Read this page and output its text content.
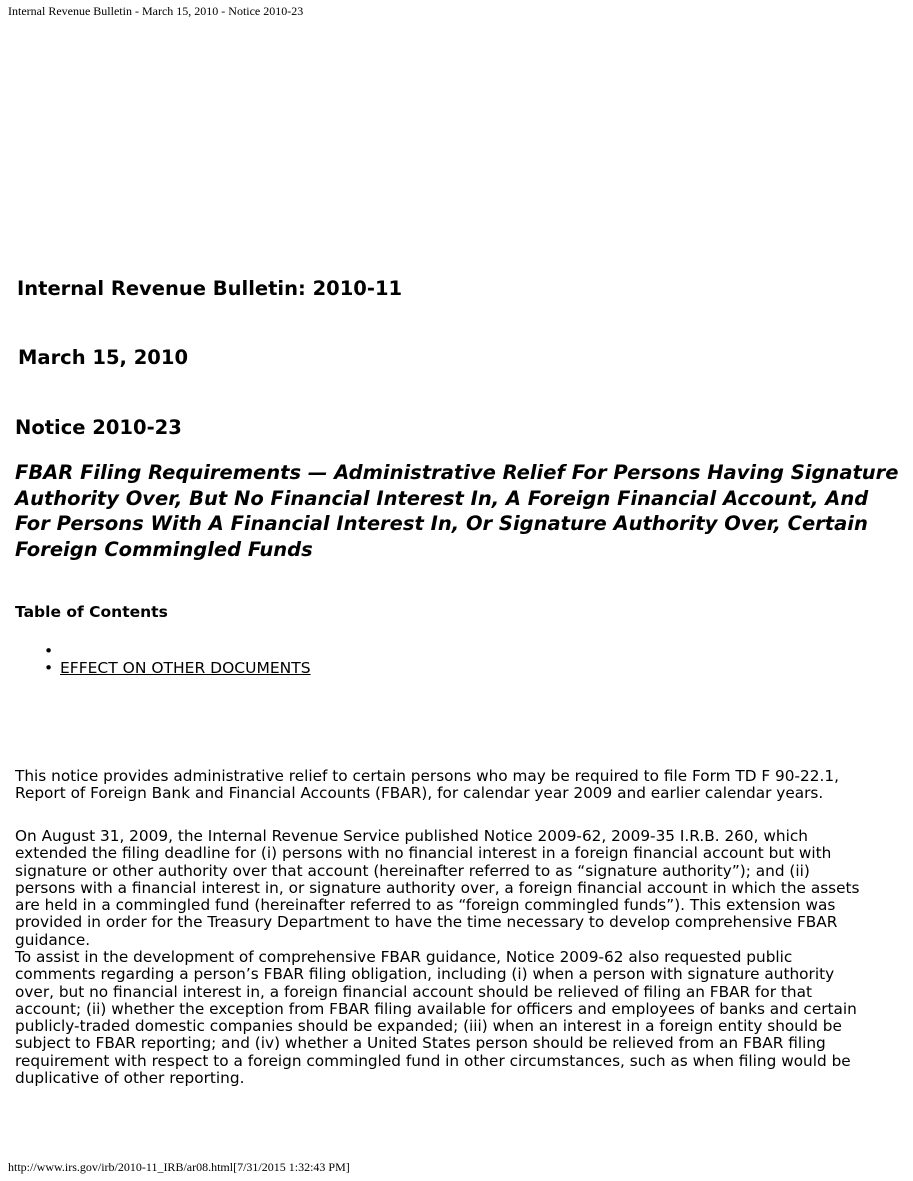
Internal Revenue Bulletin - March 15, 2010 - Notice 2010-23
Internal Revenue Bulletin: 2010-11
March 15, 2010
Notice 2010-23
FBAR Filing Requirements — Administrative Relief For Persons Having Signature
Authority Over, But No Financial Interest In, A Foreign Financial Account, And
For Persons With A Financial Interest In, Or Signature Authority Over, Certain
Foreign Commingled Funds
Table of Contents
•
• EFFECT ON OTHER DOCUMENTS
This notice provides administrative relief to certain persons who may be required to file Form TD F 90-22.1,
Report of Foreign Bank and Financial Accounts (FBAR), for calendar year 2009 and earlier calendar years.
On August 31, 2009, the Internal Revenue Service published Notice 2009-62, 2009-35 I.R.B. 260, which
extended the filing deadline for (i) persons with no financial interest in a foreign financial account but with
signature or other authority over that account (hereinafter referred to as “signature authority”); and (ii)
persons with a financial interest in, or signature authority over, a foreign financial account in which the assets
are held in a commingled fund (hereinafter referred to as “foreign commingled funds”). This extension was
provided in order for the Treasury Department to have the time necessary to develop comprehensive FBAR
guidance.
To assist in the development of comprehensive FBAR guidance, Notice 2009-62 also requested public
comments regarding a person’s FBAR filing obligation, including (i) when a person with signature authority
over, but no financial interest in, a foreign financial account should be relieved of filing an FBAR for that
account; (ii) whether the exception from FBAR filing available for officers and employees of banks and certain
publicly-traded domestic companies should be expanded; (iii) when an interest in a foreign entity should be
subject to FBAR reporting; and (iv) whether a United States person should be relieved from an FBAR filing
requirement with respect to a foreign commingled fund in other circumstances, such as when filing would be
duplicative of other reporting.
http://www.irs.gov/irb/2010-11_IRB/ar08.html[7/31/2015 1:32:43 PM]
